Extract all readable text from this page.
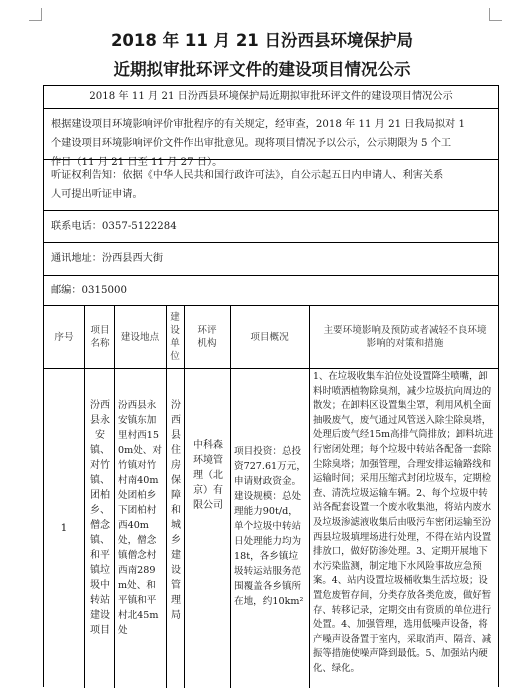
2018 年 11 月 21 日汾西县环境保护局
近期拟审批环评文件的建设项目情况公示
2018 年 11 月 21 日汾西县环境保护局近期拟审批环评文件的建设项目情况公示

根据建设项目环境影响评价审批程序的有关规定，经审查，2018 年 11 月 21 日我局拟对 1

个建设项目环境影响评价文件作出审批意见。现将项目情况予以公示，公示期限为 5 个工

作日（11 月 21 日至 11 月 27 日）。

听证权利告知：依据《中华人民共和国行政许可法》，自公示起五日内申请人、利害关系

人可提出听证申请。

联系电话：0357-5122284
通讯地址：汾西县西大街
邮编：0315000
序号
项目名称
建设地点
建设单位
环评机构
项目概况
主要环境影响及预防或者减轻不良环境影响的对策和措施
1
汾西县永安镇、对竹镇、团柏乡、僧念镇、和平镇垃圾中转站建设项目
汾西县永安镇东加里村西150m处、对竹镇对竹村南40m处团柏乡下团柏村西40m处，僧念镇僧念村西南289m处、和平镇和平村北45m处
汾西县住房保障和城乡建设管理局
中科森环境管理（北京）有限公司
项目投资：总投资727.61万元，申请财政资金。建设规模：总处理能力90t/d，单个垃圾中转站日处理能力均为18t，各乡镇垃圾转运站服务范围覆盖各乡镇所在地，约10km²
1、在垃圾收集车泊位处设置降尘喷嘴，卸料时喷洒植物除臭剂，减少垃圾抗向周边的散发；在卸料区设置集尘罩，利用风机全面抽吸废气，废气通过风管送入除尘除臭塔，处理后废气经15m高排气筒排放；卸料坑进行密闭处理；每个垃圾中转站各配备一套除尘除臭塔；加强管理，合理安排运输路线和运输时间；采用压缩式封闭垃圾车，定期检查、清洗垃圾运输车辆。2、每个垃圾中转站各配套设置一个废水收集池，将站内废水及垃圾渗滤液收集后由吸污车密闭运输至汾西县垃圾填埋场进行处理，不得在站内设置排放口，做好防渗处理。3、定期开展地下水污染监测，制定地下水风险事故应急预案。4、站内设置垃圾桶收集生活垃圾；设置危废暂存间，分类存放各类危废，做好暂存、转移记录，定期交由有资质的单位进行处置。4、加强管理，选用低噪声设备，将产噪声设备置于室内，采取消声、隔音、减振等措施使噪声降到最低。5、加强站内硬化、绿化。
